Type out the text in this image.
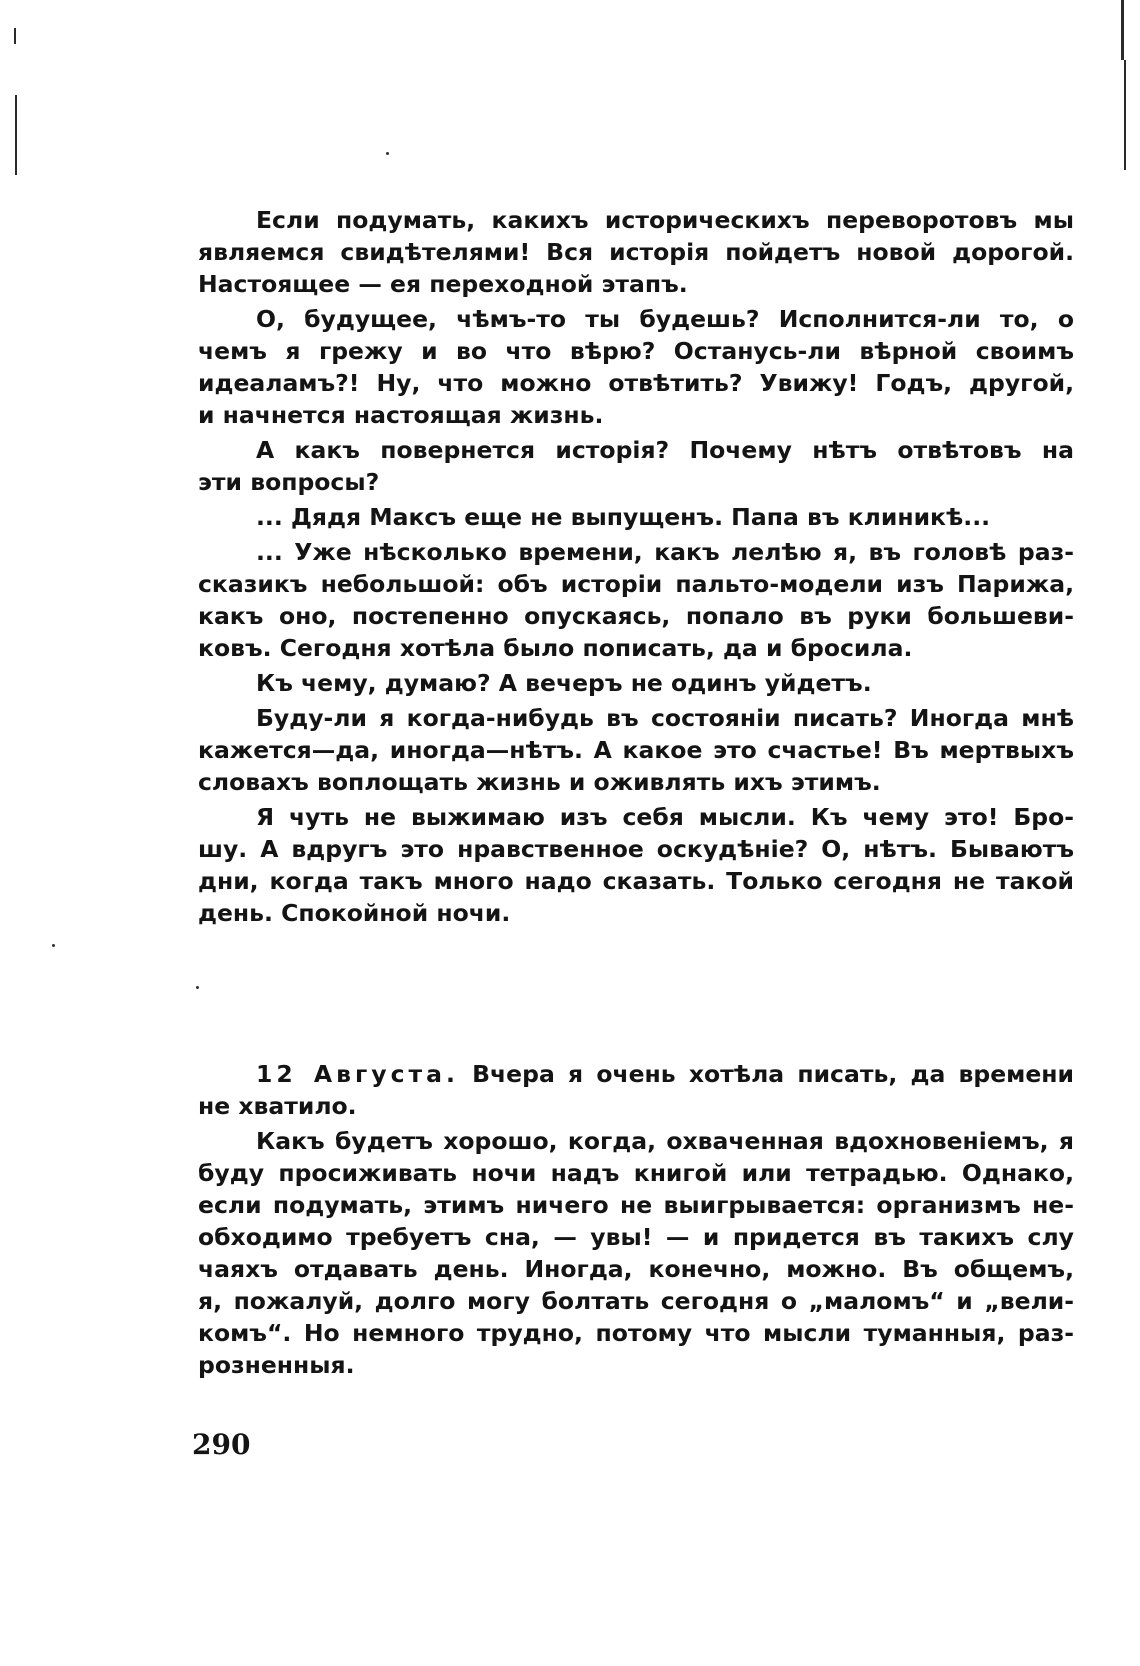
Если подумать, какихъ историческихъ переворотовъ мы
являемся свидѣтелями! Вся исторія пойдетъ новой дорогой.
Настоящее — ея переходной этапъ.
О, будущее, чѣмъ-то ты будешь? Исполнится-ли то, о
чемъ я грежу и во что вѣрю? Останусь-ли вѣрной своимъ
идеаламъ?! Ну, что можно отвѣтить? Увижу! Годъ, другой,
и начнется настоящая жизнь.
А какъ повернется исторія? Почему нѣтъ отвѣтовъ на
эти вопросы?
... Дядя Максъ еще не выпущенъ. Папа въ клиникѣ...
... Уже нѣсколько времени, какъ лелѣю я, въ головѣ раз-
сказикъ небольшой: объ исторіи пальто-модели изъ Парижа,
какъ оно, постепенно опускаясь, попало въ руки большеви-
ковъ. Сегодня хотѣла было пописать, да и бросила.
Къ чему, думаю? А вечеръ не одинъ уйдетъ.
Буду-ли я когда-нибудь въ состояніи писать? Иногда мнѣ
кажется—да, иногда—нѣтъ. А какое это счастье! Въ мертвыхъ
словахъ воплощать жизнь и оживлять ихъ этимъ.
Я чуть не выжимаю изъ себя мысли. Къ чему это! Бро-
шу. А вдругъ это нравственное оскудѣніе? О, нѣтъ. Бываютъ
дни, когда такъ много надо сказать. Только сегодня не такой
день. Спокойной ночи.
12 Августа. Вчера я очень хотѣла писать, да времени
не хватило.
Какъ будетъ хорошо, когда, охваченная вдохновеніемъ, я
буду просиживать ночи надъ книгой или тетрадью. Однако,
если подумать, этимъ ничего не выигрывается: организмъ не-
обходимо требуетъ сна, — увы! — и придется въ такихъ слу
чаяхъ отдавать день. Иногда, конечно, можно. Въ общемъ,
я, пожалуй, долго могу болтать сегодня о „маломъ“ и „вели-
комъ“. Но немного трудно, потому что мысли туманныя, раз-
розненныя.
290
